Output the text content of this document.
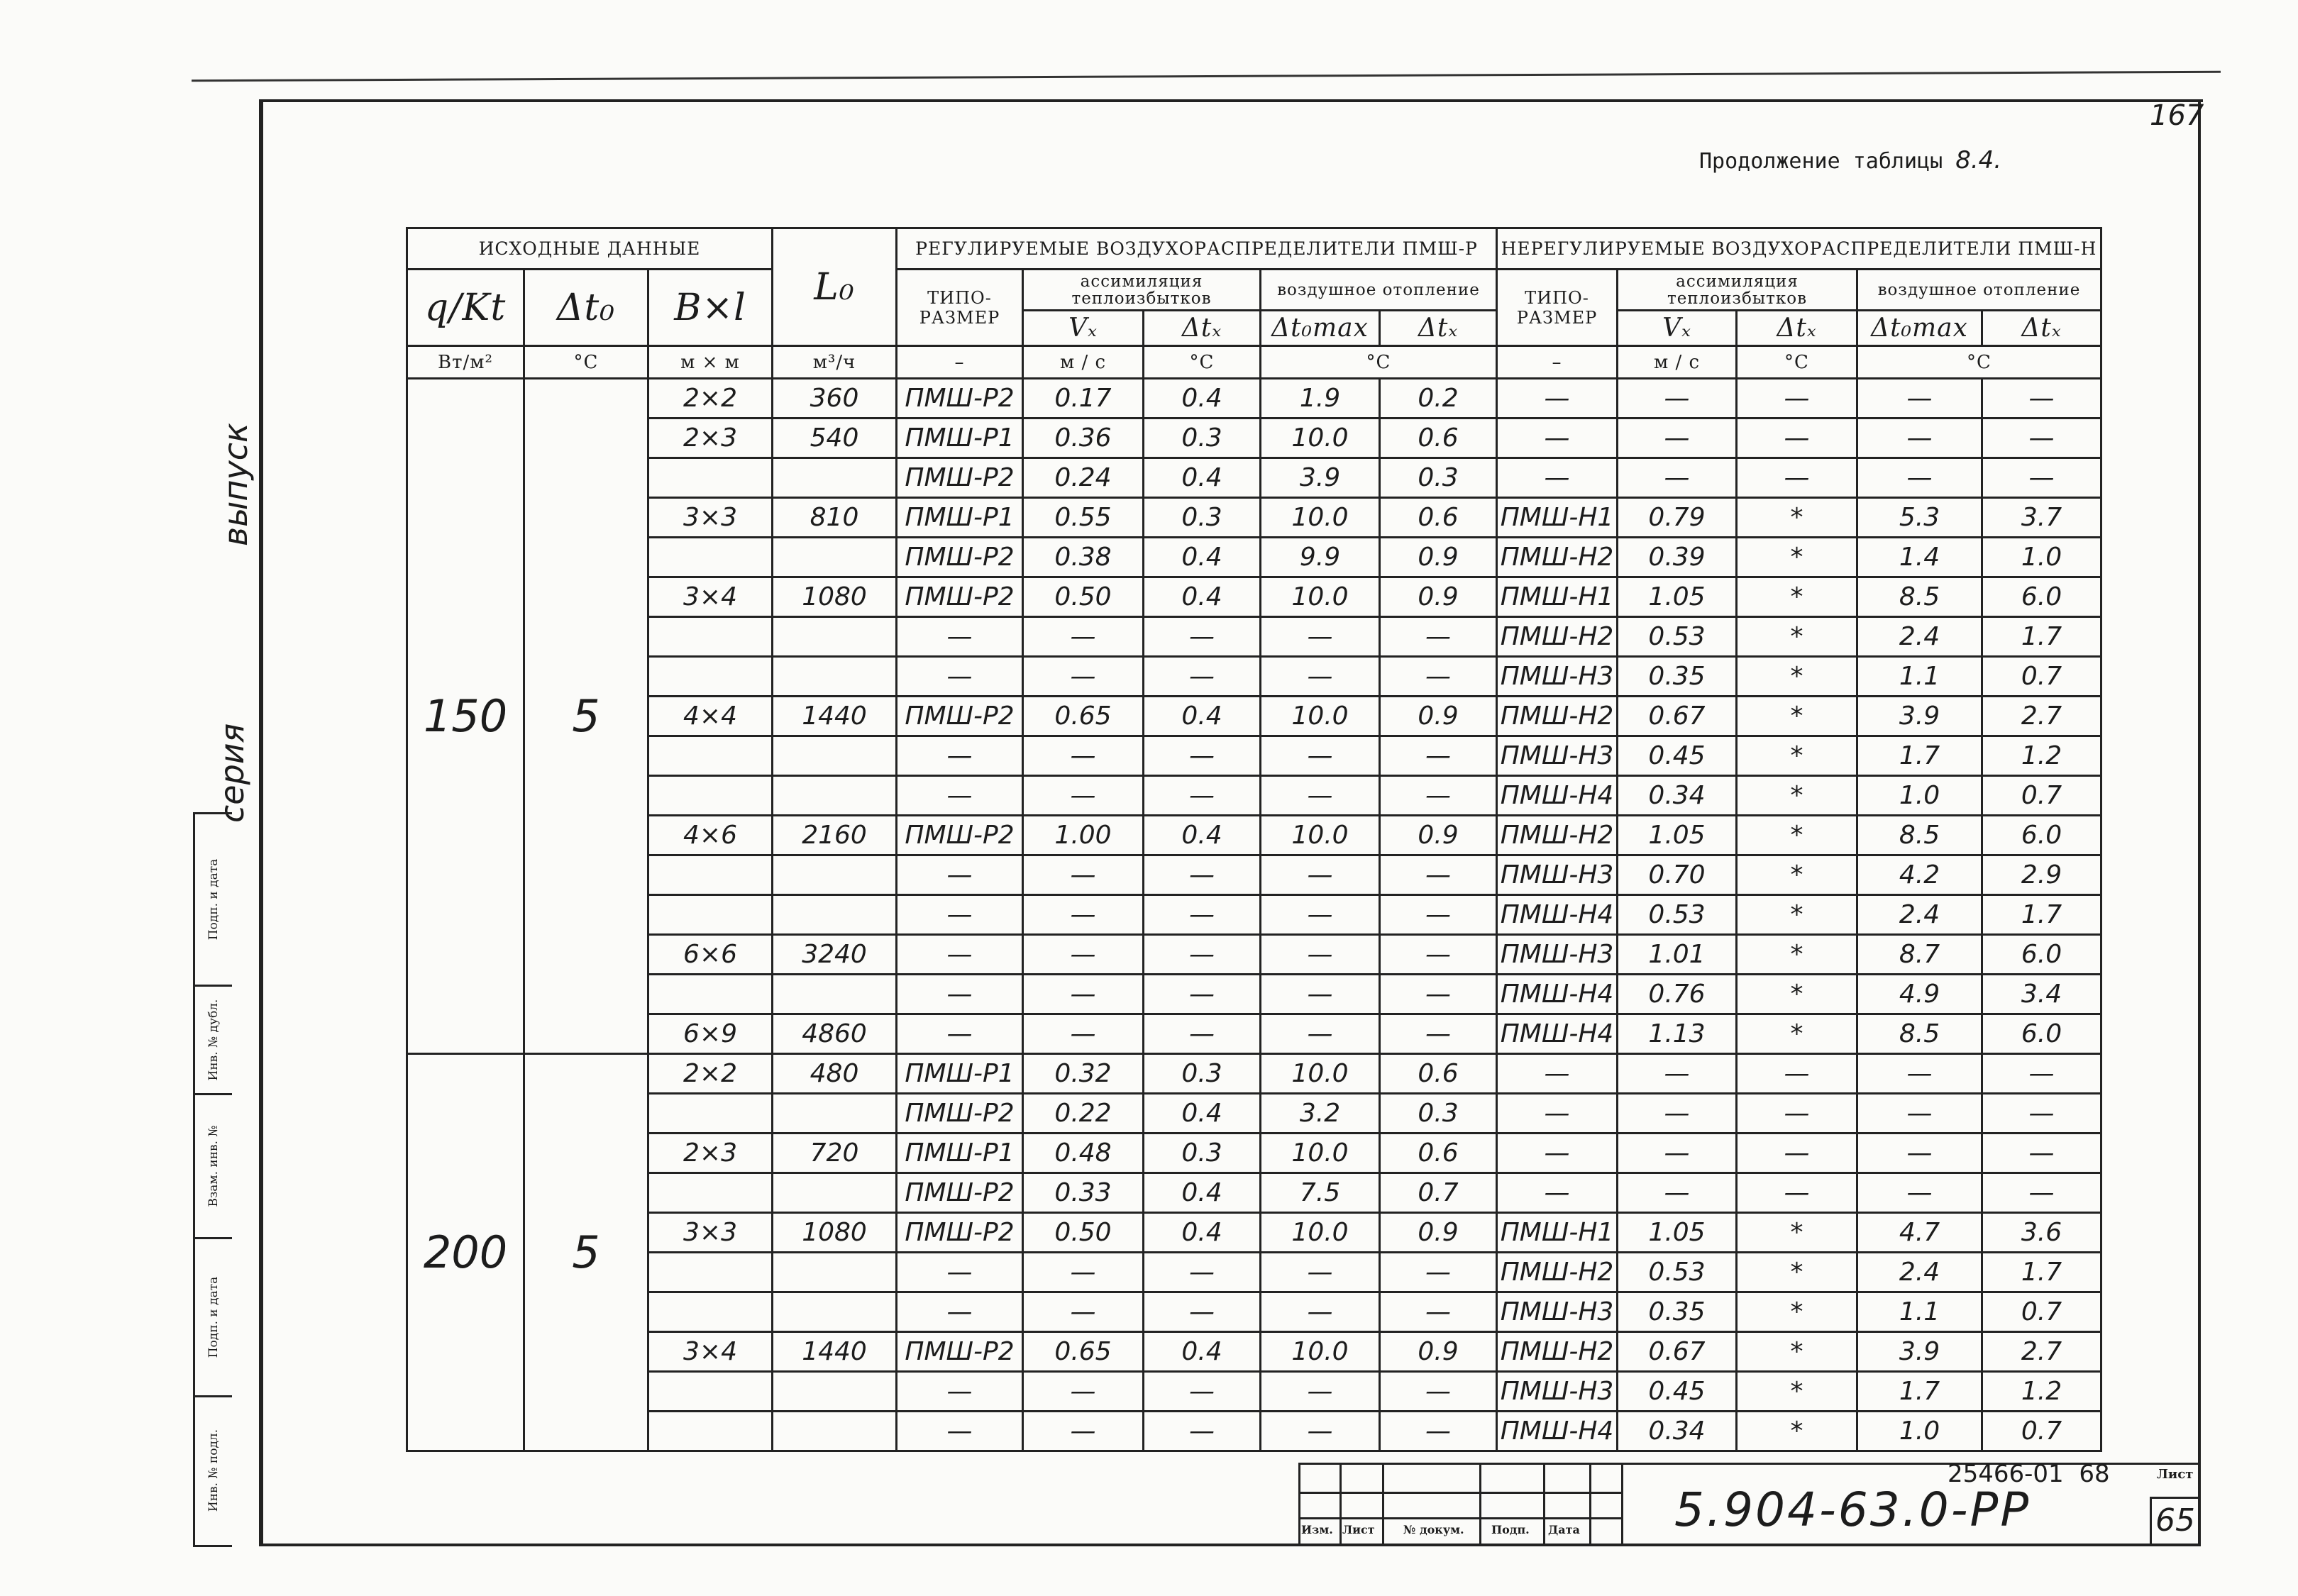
167
Продолжение таблицы 8.4.
серия
выпуск
Подп. и дата
Инв. № дубл.
Взам. инв. №
Подп. и дата
Инв. № подл.
ИСХОДНЫЕ ДАННЫЕ			L₀	РЕГУЛИРУЕМЫЕ ВОЗДУХОРАСПРЕДЕЛИТЕЛИ ПМШ-Р					НЕРЕГУЛИРУЕМЫЕ ВОЗДУХОРАСПРЕДЕЛИТЕЛИ ПМШ-Н				
q/Kt	Δt₀	B×l		ТИПО-РАЗМЕР	ассимиляция теплоизбытков		воздушное отопление		ТИПО-РАЗМЕР	ассимиляция теплоизбытков		воздушное отопление	
					Vₓ	Δtₓ	Δt₀max	Δtₓ		Vₓ	Δtₓ	Δt₀max	Δtₓ
Вт/м²	°С	м × м	м³/ч	–	м / с	°С	°С		–	м / с	°С	°С	
150	5	2×2	360	ПМШ-Р2	0.17	0.4	1.9	0.2	—	—	—	—	—
		2×3	540	ПМШ-Р1	0.36	0.3	10.0	0.6	—	—	—	—	—
				ПМШ-Р2	0.24	0.4	3.9	0.3	—	—	—	—	—
		3×3	810	ПМШ-Р1	0.55	0.3	10.0	0.6	ПМШ-Н1	0.79	*	5.3	3.7
				ПМШ-Р2	0.38	0.4	9.9	0.9	ПМШ-Н2	0.39	*	1.4	1.0
		3×4	1080	ПМШ-Р2	0.50	0.4	10.0	0.9	ПМШ-Н1	1.05	*	8.5	6.0
				—	—	—	—	—	ПМШ-Н2	0.53	*	2.4	1.7
				—	—	—	—	—	ПМШ-Н3	0.35	*	1.1	0.7
		4×4	1440	ПМШ-Р2	0.65	0.4	10.0	0.9	ПМШ-Н2	0.67	*	3.9	2.7
				—	—	—	—	—	ПМШ-Н3	0.45	*	1.7	1.2
				—	—	—	—	—	ПМШ-Н4	0.34	*	1.0	0.7
		4×6	2160	ПМШ-Р2	1.00	0.4	10.0	0.9	ПМШ-Н2	1.05	*	8.5	6.0
				—	—	—	—	—	ПМШ-Н3	0.70	*	4.2	2.9
				—	—	—	—	—	ПМШ-Н4	0.53	*	2.4	1.7
		6×6	3240	—	—	—	—	—	ПМШ-Н3	1.01	*	8.7	6.0
				—	—	—	—	—	ПМШ-Н4	0.76	*	4.9	3.4
		6×9	4860	—	—	—	—	—	ПМШ-Н4	1.13	*	8.5	6.0
200	5	2×2	480	ПМШ-Р1	0.32	0.3	10.0	0.6	—	—	—	—	—
				ПМШ-Р2	0.22	0.4	3.2	0.3	—	—	—	—	—
		2×3	720	ПМШ-Р1	0.48	0.3	10.0	0.6	—	—	—	—	—
				ПМШ-Р2	0.33	0.4	7.5	0.7	—	—	—	—	—
		3×3	1080	ПМШ-Р2	0.50	0.4	10.0	0.9	ПМШ-Н1	1.05	*	4.7	3.6
				—	—	—	—	—	ПМШ-Н2	0.53	*	2.4	1.7
				—	—	—	—	—	ПМШ-Н3	0.35	*	1.1	0.7
		3×4	1440	ПМШ-Р2	0.65	0.4	10.0	0.9	ПМШ-Н2	0.67	*	3.9	2.7
				—	—	—	—	—	ПМШ-Н3	0.45	*	1.7	1.2
				—	—	—	—	—	ПМШ-Н4	0.34	*	1.0	0.7
Изм. Лист	№ докум. Подп. Дата
25466-01 68
5.904-63.0-РР
Лист
65
